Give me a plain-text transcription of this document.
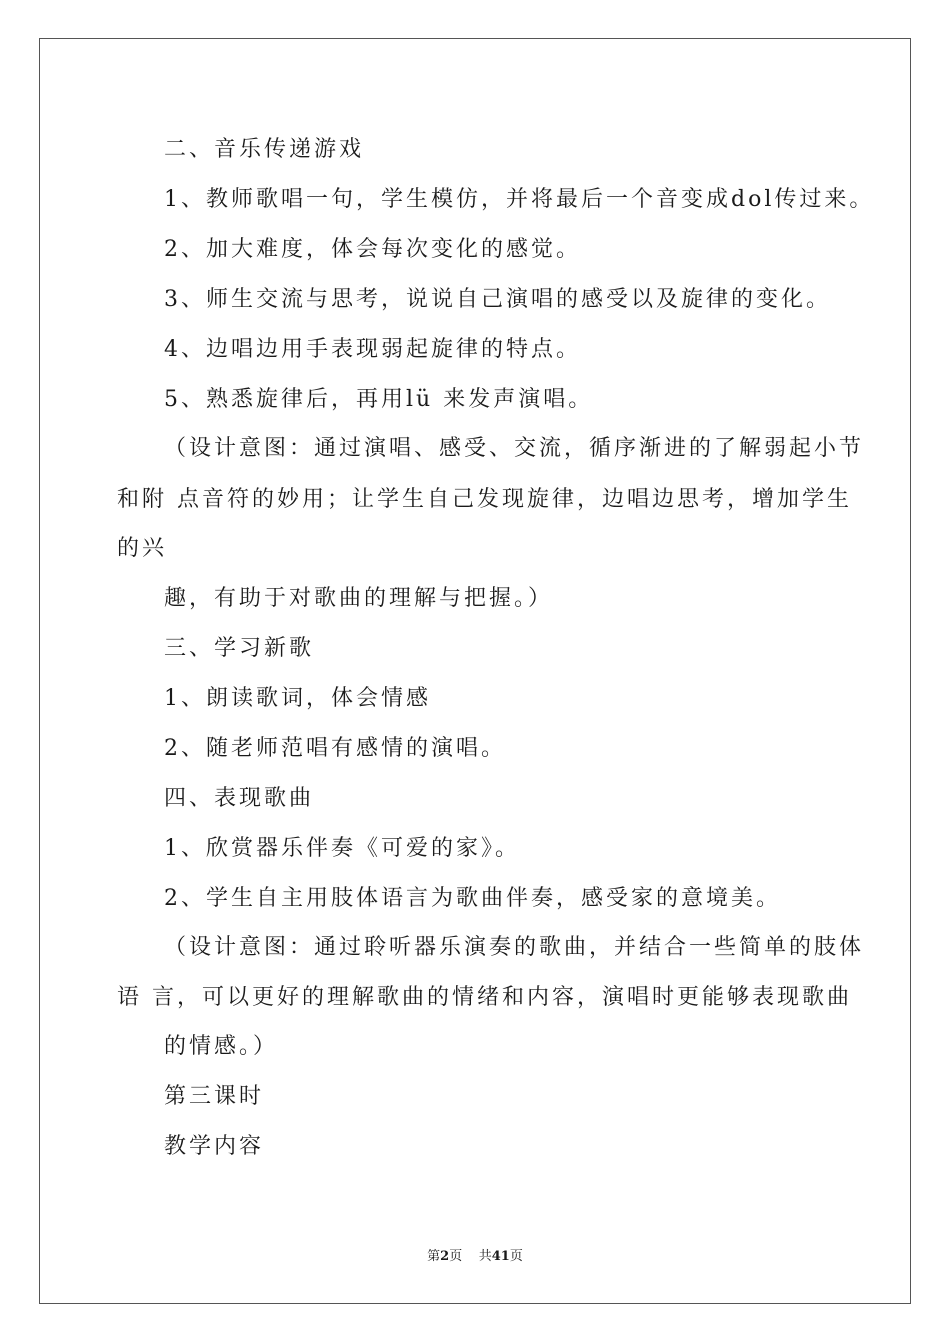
二、音乐传递游戏
1、教师歌唱一句，学生模仿，并将最后一个音变成dol传过来。
2、加大难度，体会每次变化的感觉。
3、师生交流与思考，说说自己演唱的感受以及旋律的变化。
4、边唱边用手表现弱起旋律的特点。
5、熟悉旋律后，再用lü 来发声演唱。
（设计意图：通过演唱、感受、交流，循序渐进的了解弱起小节
和附 点音符的妙用；让学生自己发现旋律，边唱边思考，增加学生
的兴
趣，有助于对歌曲的理解与把握。）
三、学习新歌
1、朗读歌词，体会情感
2、随老师范唱有感情的演唱。
四、表现歌曲
1、欣赏器乐伴奏《可爱的家》。
2、学生自主用肢体语言为歌曲伴奏，感受家的意境美。
（设计意图：通过聆听器乐演奏的歌曲，并结合一些简单的肢体
语 言，可以更好的理解歌曲的情绪和内容，演唱时更能够表现歌曲
的情感。）
第三课时
教学内容
第2页 共41页
